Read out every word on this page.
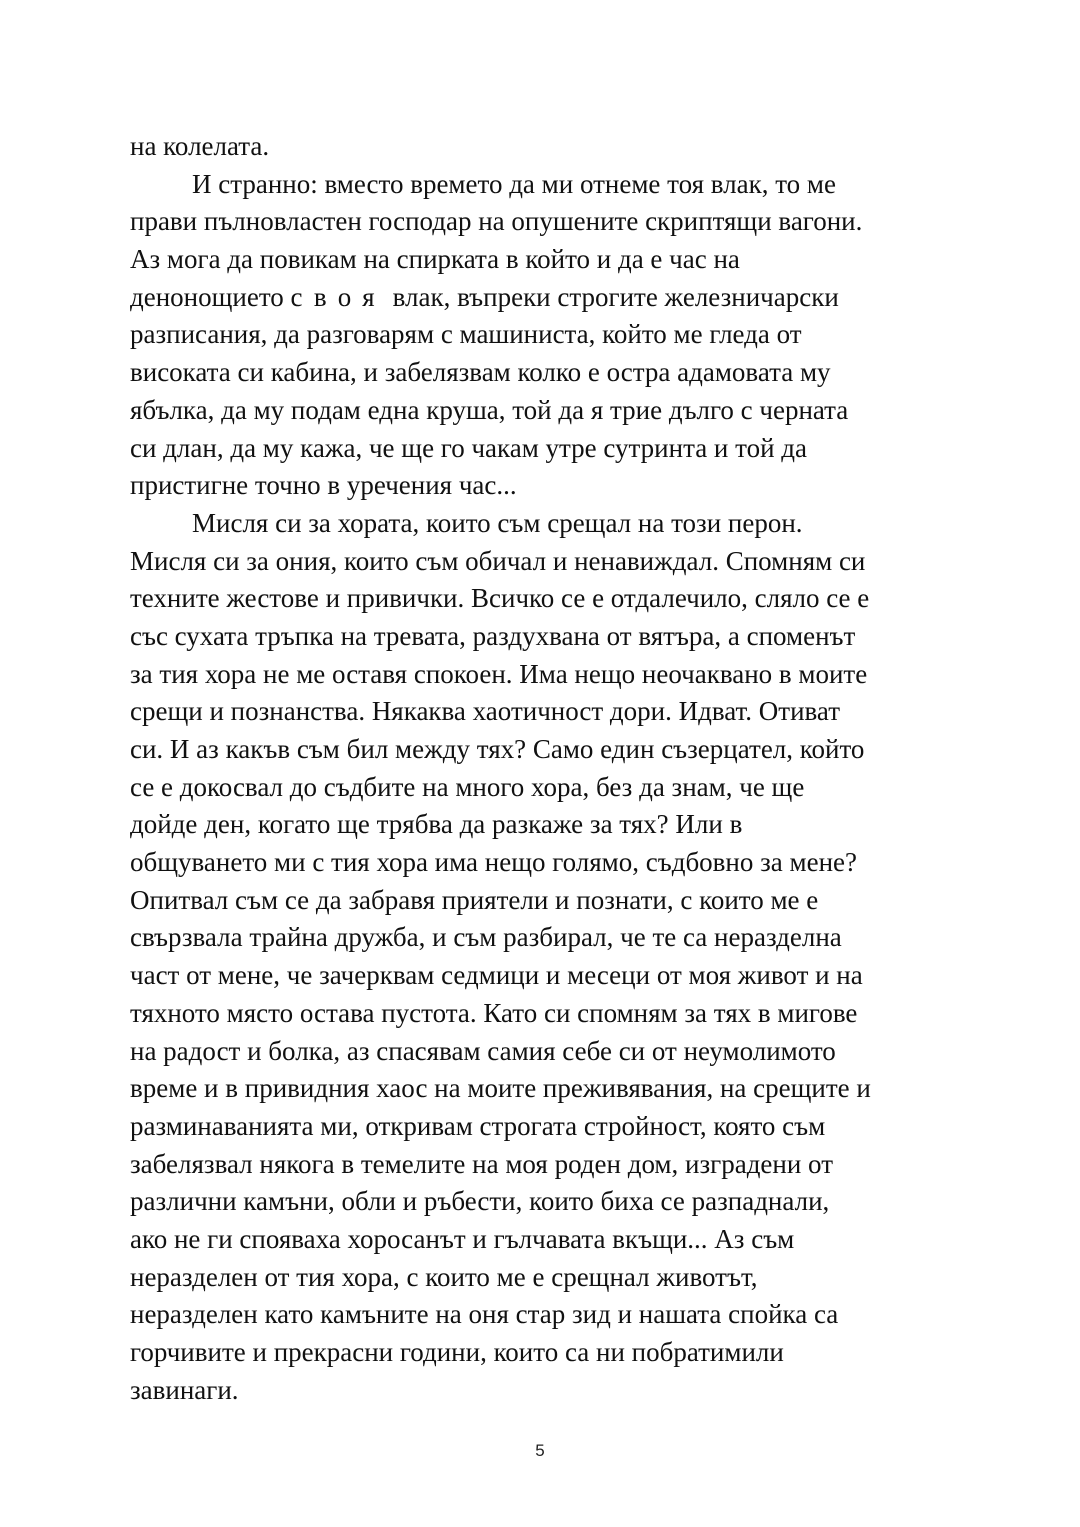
на колелата.
И странно: вместо времето да ми отнеме тоя влак, то ме
прави пълновластен господар на опушените скриптящи вагони.
Аз мога да повикам на спирката в който и да е час на
денонощието своя влак, въпреки строгите железничарски
разписания, да разговарям с машиниста, който ме гледа от
високата си кабина, и забелязвам колко е остра адамовата му
ябълка, да му подам една круша, той да я трие дълго с черната
си длан, да му кажа, че ще го чакам утре сутринта и той да
пристигне точно в уречения час...
Мисля си за хората, които съм срещал на този перон.
Мисля си за ония, които съм обичал и ненавиждал. Спомням си
техните жестове и привички. Всичко се е отдалечило, сляло се е
със сухата тръпка на тревата, раздухвана от вятъра, а споменът
за тия хора не ме оставя спокоен. Има нещо неочаквано в моите
срещи и познанства. Някаква хаотичност дори. Идват. Отиват
си. И аз какъв съм бил между тях? Само един съзерцател, който
се е докосвал до съдбите на много хора, без да знам, че ще
дойде ден, когато ще трябва да разкаже за тях? Или в
общуването ми с тия хора има нещо голямо, съдбовно за мене?
Опитвал съм се да забравя приятели и познати, с които ме е
свързвала трайна дружба, и съм разбирал, че те са неразделна
част от мене, че зачерквам седмици и месеци от моя живот и на
тяхното място остава пустота. Като си спомням за тях в мигове
на радост и болка, аз спасявам самия себе си от неумолимото
време и в привидния хаос на моите преживявания, на срещите и
разминаванията ми, откривам строгата стройност, която съм
забелязвал някога в темелите на моя роден дом, изградени от
различни камъни, обли и ръбести, които биха се разпаднали,
ако не ги спояваха хоросанът и гълчавата вкъщи... Аз съм
неразделен от тия хора, с които ме е срещнал животът,
неразделен като камъните на оня стар зид и нашата спойка са
горчивите и прекрасни години, които са ни побратимили
завинаги.
5
